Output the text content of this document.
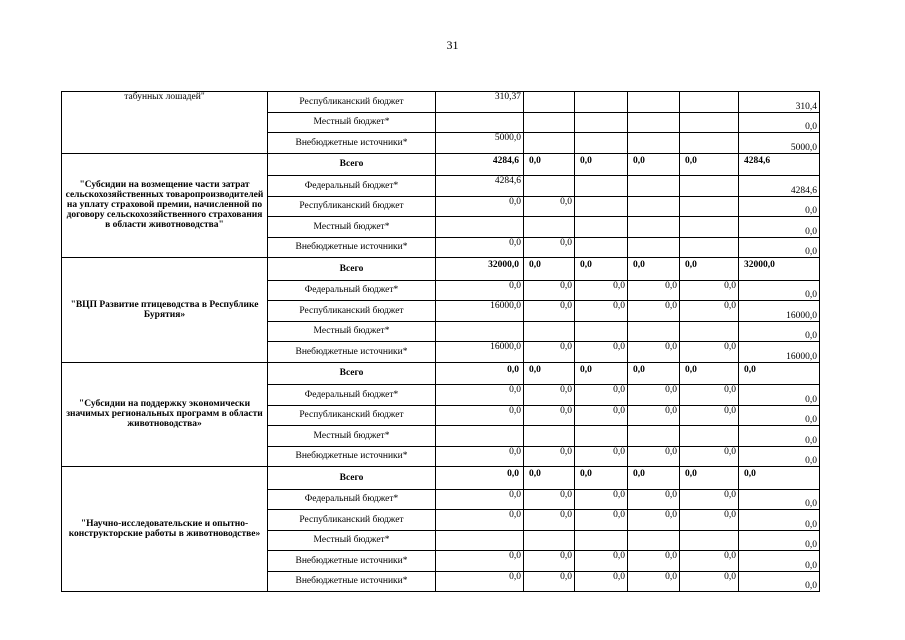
31
табунных лошадей"	Республиканский бюджет	310,37					310,4
	Местный бюджет*						0,0
	Внебюджетные источники*	5000,0					5000,0
"Субсидии на возмещение части затрат сельскохозяйственных товаропроизводителей на уплату страховой премии, начисленной по договору сельскохозяйственного страхования в области животноводства"	Всего	4284,6	0,0	0,0	0,0	0,0	4284,6
	Федеральный бюджет*	4284,6					4284,6
	Республиканский бюджет	0,0	0,0				0,0
	Местный бюджет*						0,0
	Внебюджетные источники*	0,0	0,0				0,0
"ВЦП Развитие птицеводства в Республике Бурятия»	Всего	32000,0	0,0	0,0	0,0	0,0	32000,0
	Федеральный бюджет*	0,0	0,0	0,0	0,0	0,0	0,0
	Республиканский бюджет	16000,0	0,0	0,0	0,0	0,0	16000,0
	Местный бюджет*						0,0
	Внебюджетные источники*	16000,0	0,0	0,0	0,0	0,0	16000,0
"Субсидии на поддержку экономически значимых региональных программ в области животноводства»	Всего	0,0	0,0	0,0	0,0	0,0	0,0
	Федеральный бюджет*	0,0	0,0	0,0	0,0	0,0	0,0
	Республиканский бюджет	0,0	0,0	0,0	0,0	0,0	0,0
	Местный бюджет*						0,0
	Внебюджетные источники*	0,0	0,0	0,0	0,0	0,0	0,0
"Научно-исследовательские и опытно-конструкторские работы в животноводстве»	Всего	0,0	0,0	0,0	0,0	0,0	0,0
	Федеральный бюджет*	0,0	0,0	0,0	0,0	0,0	0,0
	Республиканский бюджет	0,0	0,0	0,0	0,0	0,0	0,0
	Местный бюджет*						0,0
	Внебюджетные источники*	0,0	0,0	0,0	0,0	0,0	0,0
	Внебюджетные источники*	0,0	0,0	0,0	0,0	0,0	0,0
